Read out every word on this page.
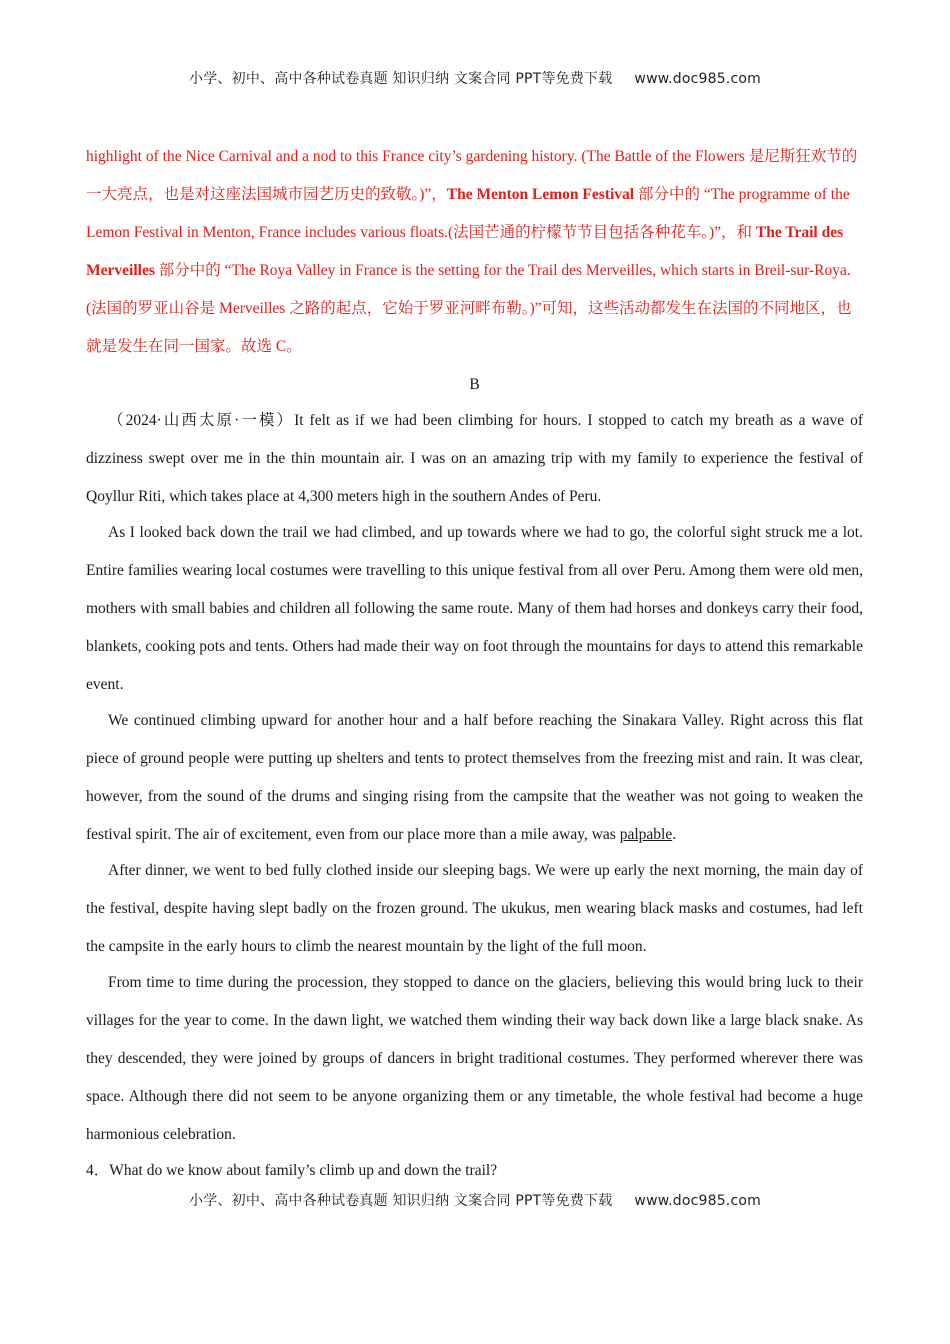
小学、初中、高中各种试卷真题 知识归纳 文案合同 PPT等免费下载 www.doc985.com

highlight of the Nice Carnival and a nod to this France city’s gardening history. (The Battle of the Flowers 是尼斯狂欢节的一大亮点，也是对这座法国城市园艺历史的致敬。)”，The Menton Lemon Festival 部分中的 “The programme of the Lemon Festival in Menton, France includes various floats.(法国芒通的柠檬节节目包括各种花车。)”，和 The Trail des Merveilles 部分中的 “The Roya Valley in France is the setting for the Trail des Merveilles, which starts in Breil-sur-Roya.(法国的罗亚山谷是 Merveilles 之路的起点，它始于罗亚河畔布勒。)”可知，这些活动都发生在法国的不同地区，也就是发生在同一国家。故选 C。

B

（2024·山西太原·一模）It felt as if we had been climbing for hours. I stopped to catch my breath as a wave of dizziness swept over me in the thin mountain air. I was on an amazing trip with my family to experience the festival of Qoyllur Riti, which takes place at 4,300 meters high in the southern Andes of Peru.

As I looked back down the trail we had climbed, and up towards where we had to go, the colorful sight struck me a lot. Entire families wearing local costumes were travelling to this unique festival from all over Peru. Among them were old men, mothers with small babies and children all following the same route. Many of them had horses and donkeys carry their food, blankets, cooking pots and tents. Others had made their way on foot through the mountains for days to attend this remarkable event.

We continued climbing upward for another hour and a half before reaching the Sinakara Valley. Right across this flat piece of ground people were putting up shelters and tents to protect themselves from the freezing mist and rain. It was clear, however, from the sound of the drums and singing rising from the campsite that the weather was not going to weaken the festival spirit. The air of excitement, even from our place more than a mile away, was palpable.

After dinner, we went to bed fully clothed inside our sleeping bags. We were up early the next morning, the main day of the festival, despite having slept badly on the frozen ground. The ukukus, men wearing black masks and costumes, had left the campsite in the early hours to climb the nearest mountain by the light of the full moon.

From time to time during the procession, they stopped to dance on the glaciers, believing this would bring luck to their villages for the year to come. In the dawn light, we watched them winding their way back down like a large black snake. As they descended, they were joined by groups of dancers in bright traditional costumes. They performed wherever there was space. Although there did not seem to be anyone organizing them or any timetable, the whole festival had become a huge harmonious celebration.

4．What do we know about family’s climb up and down the trail?

小学、初中、高中各种试卷真题 知识归纳 文案合同 PPT等免费下载 www.doc985.com
